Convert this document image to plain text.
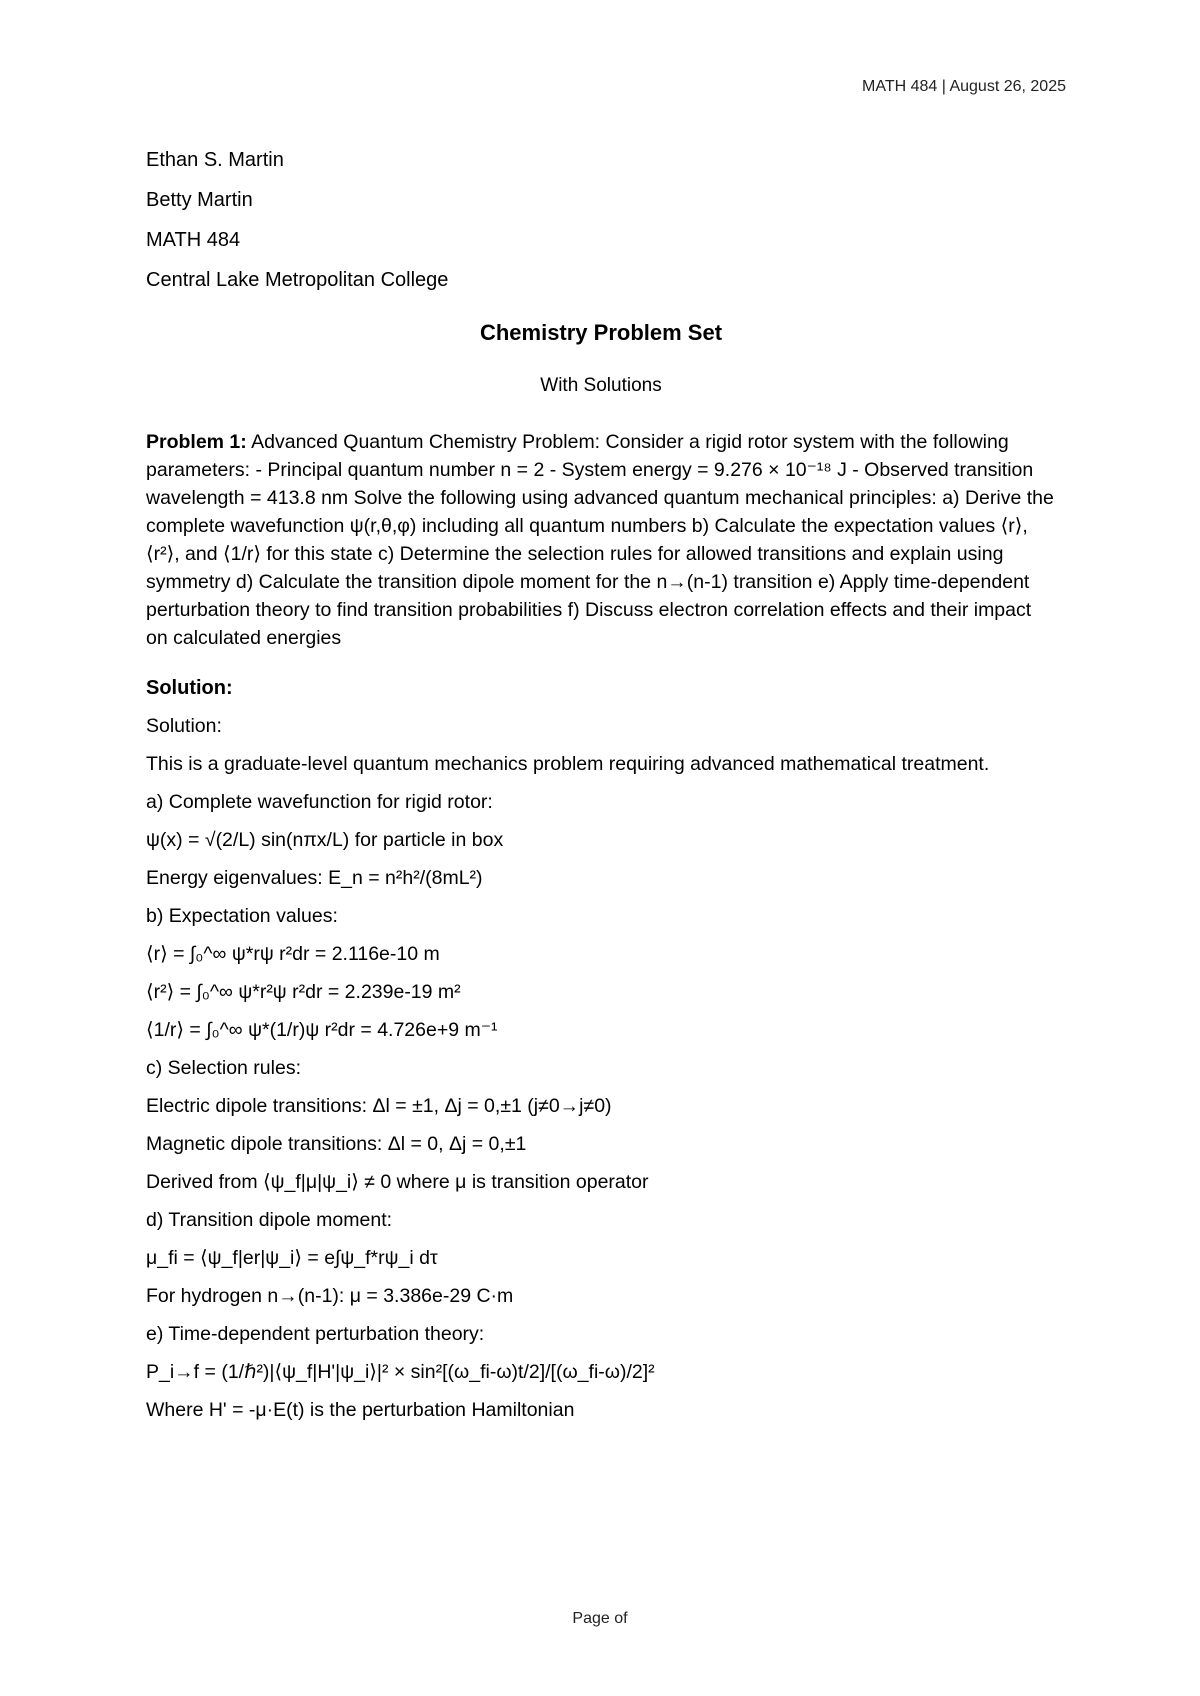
MATH 484 | August 26, 2025

Ethan S. Martin

Betty Martin

MATH 484

Central Lake Metropolitan College

Chemistry Problem Set
With Solutions

Problem 1: Advanced Quantum Chemistry Problem: Consider a rigid rotor system with the following parameters: - Principal quantum number n = 2 - System energy = 9.276 × 10⁻¹⁸ J - Observed transition wavelength = 413.8 nm Solve the following using advanced quantum mechanical principles: a) Derive the complete wavefunction ψ(r,θ,φ) including all quantum numbers b) Calculate the expectation values ⟨r⟩, ⟨r²⟩, and ⟨1/r⟩ for this state c) Determine the selection rules for allowed transitions and explain using symmetry d) Calculate the transition dipole moment for the n→(n-1) transition e) Apply time-dependent perturbation theory to find transition probabilities f) Discuss electron correlation effects and their impact on calculated energies

Solution:

Solution:

This is a graduate-level quantum mechanics problem requiring advanced mathematical treatment.

a) Complete wavefunction for rigid rotor:

ψ(x) = √(2/L) sin(nπx/L) for particle in box

Energy eigenvalues: E_n = n²h²/(8mL²)

b) Expectation values:

⟨r⟩ = ∫₀^∞ ψ*rψ r²dr = 2.116e-10 m

⟨r²⟩ = ∫₀^∞ ψ*r²ψ r²dr = 2.239e-19 m²

⟨1/r⟩ = ∫₀^∞ ψ*(1/r)ψ r²dr = 4.726e+9 m⁻¹

c) Selection rules:

Electric dipole transitions: Δl = ±1, Δj = 0,±1 (j≠0→j≠0)

Magnetic dipole transitions: Δl = 0, Δj = 0,±1

Derived from ⟨ψ_f|μ|ψ_i⟩ ≠ 0 where μ is transition operator

d) Transition dipole moment:

μ_fi = ⟨ψ_f|er|ψ_i⟩ = e∫ψ_f*rψ_i dτ

For hydrogen n→(n-1): μ = 3.386e-29 C·m

e) Time-dependent perturbation theory:

P_i→f = (1/ℏ²)|⟨ψ_f|H'|ψ_i⟩|² × sin²[(ω_fi-ω)t/2]/[(ω_fi-ω)/2]²

Where H' = -μ·E(t) is the perturbation Hamiltonian

Page of
